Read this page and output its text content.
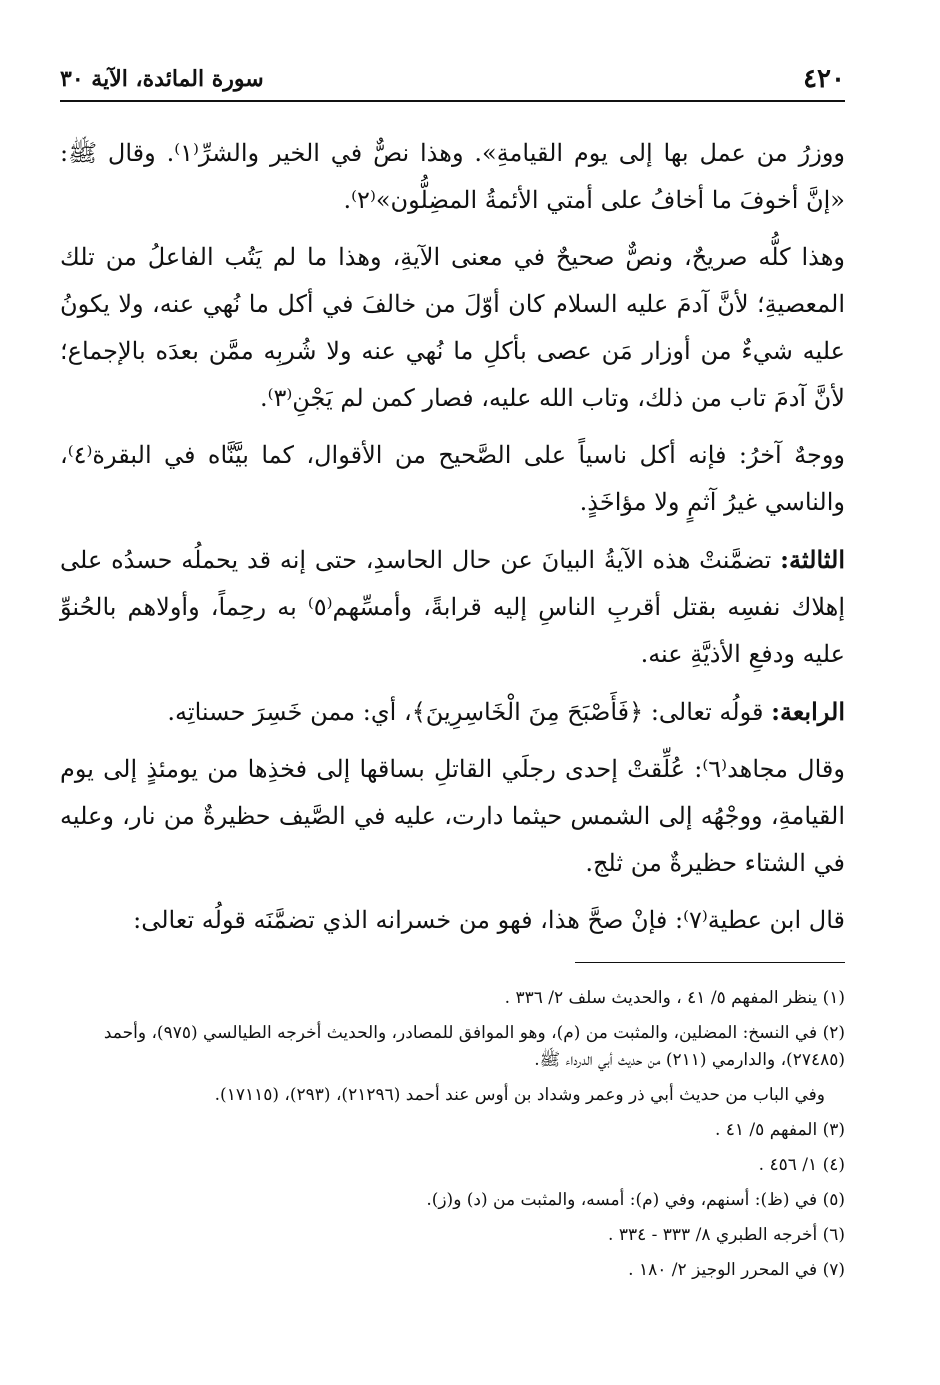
٤٢٠
سورة المائدة، الآية ٣٠

ووزرُ من عمل بها إلى يوم القيامةِ». وهذا نصٌّ في الخير والشرِّ⁽١⁾. وقال ﷺ: «إنَّ أخوفَ ما أخافُ على أمتي الأئمةُ المضِلُّون»⁽٢⁾.

وهذا كلُّه صريحٌ، ونصٌّ صحيحٌ في معنى الآيةِ، وهذا ما لم يَتُب الفاعلُ من تلك المعصيةِ؛ لأنَّ آدمَ عليه السلام كان أوّلَ من خالفَ في أكل ما نُهي عنه، ولا يكونُ عليه شيءٌ من أوزار مَن عصى بأكلِ ما نُهي عنه ولا شُربِه ممَّن بعدَه بالإجماع؛ لأنَّ آدمَ تاب من ذلك، وتاب الله عليه، فصار كمن لم يَجْنِ⁽٣⁾.

ووجهٌ آخرُ: فإنه أكل ناسياً على الصَّحيح من الأقوال، كما بيَّنَّاه في البقرة⁽٤⁾، والناسي غيرُ آثمٍ ولا مؤاخَذٍ.

الثالثة: تضمَّنتْ هذه الآيةُ البيانَ عن حال الحاسدِ، حتى إنه قد يحملُه حسدُه على إهلاك نفسِه بقتل أقربِ الناسِ إليه قرابةً، وأمسِّهم⁽٥⁾ به رحِماً، وأولاهم بالحُنوِّ عليه ودفعِ الأذيَّةِ عنه.

الرابعة: قولُه تعالى: ﴿فَأَصْبَحَ مِنَ الْخَاسِرِينَ﴾، أي: ممن خَسِرَ حسناتِه.

وقال مجاهد⁽٦⁾: عُلِّقتْ إحدى رجلَي القاتلِ بساقها إلى فخذِها من يومئذٍ إلى يوم القيامةِ، ووجْهُه إلى الشمس حيثما دارت، عليه في الصَّيف حظيرةٌ من نار، وعليه في الشتاء حظيرةٌ من ثلج.

قال ابن عطية⁽٧⁾: فإنْ صحَّ هذا، فهو من خسرانه الذي تضمَّنَه قولُه تعالى:

(١) ينظر المفهم ٥/ ٤١ ، والحديث سلف ٢/ ٣٣٦ .

(٢) في النسخ: المضلين، والمثبت من (م)، وهو الموافق للمصادر، والحديث أخرجه الطيالسي (٩٧٥)، وأحمد (٢٧٤٨٥)، والدارمي (٢١١) من حديث أبي الدرداء ﷺ.

وفي الباب من حديث أبي ذر وعمر وشداد بن أوس عند أحمد (٢١٢٩٦)، (٢٩٣)، (١٧١١٥).

(٣) المفهم ٥/ ٤١ .

(٤) ١/ ٤٥٦ .

(٥) في (ظ): أسنهم، وفي (م): أمسه، والمثبت من (د) و(ز).

(٦) أخرجه الطبري ٨/ ٣٣٣ - ٣٣٤ .

(٧) في المحرر الوجيز ٢/ ١٨٠ .
